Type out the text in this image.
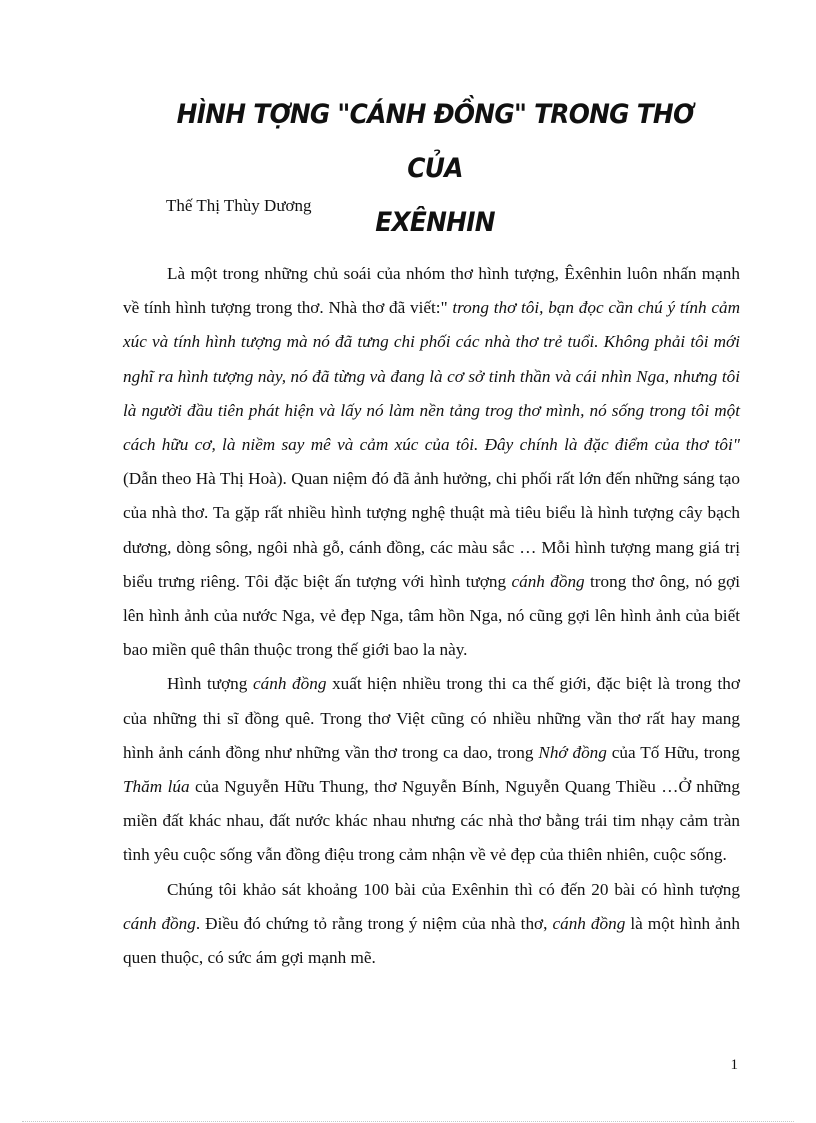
HÌNH TỢNG "CÁNH ĐỒNG" TRONG THƠ CỦA
EXÊNHIN
Thế Thị Thùy Dương

Là một trong những chủ soái của nhóm thơ hình tượng, Êxênhin luôn nhấn mạnh về tính hình tượng trong thơ. Nhà thơ đã viết:" trong thơ tôi, bạn đọc cần chú ý tính cảm xúc và tính hình tượng mà nó đã tưng chi phối các nhà thơ trẻ tuổi. Không phải tôi mới nghĩ ra hình tượng này, nó đã từng và đang là cơ sở tinh thần và cái nhìn Nga, nhưng tôi là người đầu tiên phát hiện và lấy nó làm nền tảng trog thơ mình, nó sống trong tôi một cách hữu cơ, là niềm say mê và cảm xúc của tôi. Đây chính là đặc điểm của thơ tôi" (Dẫn theo Hà Thị Hoà). Quan niệm đó đã ảnh hưởng, chi phối rất lớn đến những sáng tạo của nhà thơ. Ta gặp rất nhiều hình tượng nghệ thuật mà tiêu biểu là hình tượng cây bạch dương, dòng sông, ngôi nhà gỗ, cánh đồng, các màu sắc … Mỗi hình tượng mang giá trị biểu trưng riêng. Tôi đặc biệt ấn tượng với hình tượng cánh đồng trong thơ ông, nó gợi lên hình ảnh của nước Nga, vẻ đẹp Nga, tâm hồn Nga, nó cũng gợi lên hình ảnh của biết bao miền quê thân thuộc trong thế giới bao la này.

Hình tượng cánh đồng xuất hiện nhiều trong thi ca thế giới, đặc biệt là trong thơ của những thi sĩ đồng quê. Trong thơ Việt cũng có nhiều những vần thơ rất hay mang hình ảnh cánh đồng như những vần thơ trong ca dao, trong Nhớ đồng của Tố Hữu, trong Thăm lúa của Nguyễn Hữu Thung, thơ Nguyễn Bính, Nguyễn Quang Thiều …Ở những miền đất khác nhau, đất nước khác nhau nhưng các nhà thơ bằng trái tim nhạy cảm tràn tình yêu cuộc sống vẫn đồng điệu trong cảm nhận về vẻ đẹp của thiên nhiên, cuộc sống.

Chúng tôi khảo sát khoảng 100 bài của Exênhin thì có đến 20 bài có hình tượng cánh đồng. Điều đó chứng tỏ rằng trong ý niệm của nhà thơ, cánh đồng là một hình ảnh quen thuộc, có sức ám gợi mạnh mẽ.

1
